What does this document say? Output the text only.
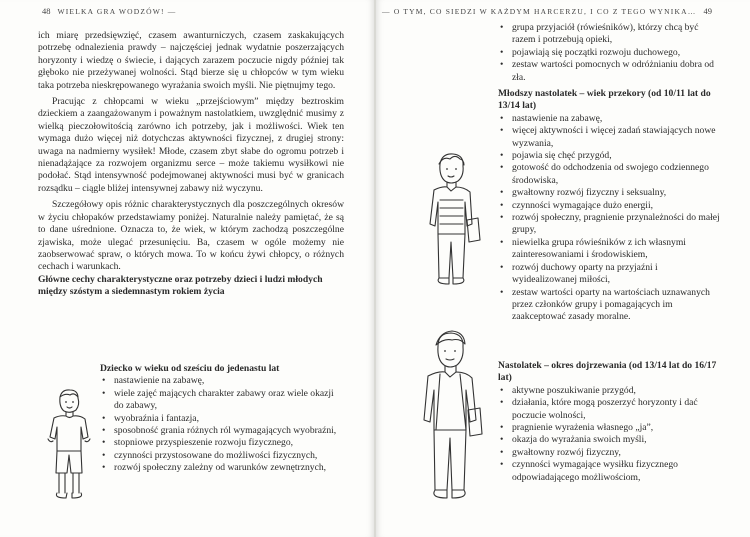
48 WIELKA GRA WODZÓW! —

ich miarę przedsięwzięć, czasem awanturniczych, czasem zaskakujących potrzebę odnalezienia prawdy – najczęściej jednak wydatnie poszerzających horyzonty i wiedzę o świecie, i dających zarazem poczucie nigdy później tak głęboko nie przeżywanej wolności. Stąd bierze się u chłopców w tym wieku taka potrzeba nieskrępowanego wyrażania swoich myśli. Nie piętnujmy tego.

Pracując z chłopcami w wieku „przejściowym” między beztroskim dzieckiem a zaangażowanym i poważnym nastolatkiem, uwzględnić musimy z wielką pieczołowitością zarówno ich potrzeby, jak i możliwości. Wiek ten wymaga dużo więcej niż dotychczas aktywności fizycznej, z drugiej strony: uwaga na nadmierny wysiłek! Młode, czasem zbyt słabe do ogromu potrzeb i nienadążające za rozwojem organizmu serce – może takiemu wysiłkowi nie podołać. Stąd intensywność podejmowanej aktywności musi być w granicach rozsądku – ciągle bliżej intensywnej zabawy niż wyczynu.

Szczegółowy opis różnic charakterystycznych dla poszczególnych okresów w życiu chłopaków przedstawiamy poniżej. Naturalnie należy pamiętać, że są to dane uśrednione. Oznacza to, że wiek, w którym zachodzą poszczególne zjawiska, może ulegać przesunięciu. Ba, czasem w ogóle możemy nie zaobserwować spraw, o których mowa. To w końcu żywi chłopcy, o różnych cechach i warunkach.

Główne cechy charakterystyczne oraz potrzeby dzieci i ludzi młodych między szóstym a siedemnastym rokiem życia

Dziecko w wieku od sześciu do jedenastu lat

• nastawienie na zabawę,
• wiele zajęć mających charakter zabawy oraz wiele okazji do zabawy,
• wyobraźnia i fantazja,
• sposobność grania różnych ról wymagających wyobraźni,
• stopniowe przyspieszenie rozwoju fizycznego,
• czynności przystosowane do możliwości fizycznych,
• rozwój społeczny zależny od warunków zewnętrznych,
— O TYM, CO SIEDZI W KAŻDYM HARCERZU, I CO Z TEGO WYNIKA… 49
• grupa przyjaciół (rówieśników), którzy chcą być razem i potrzebują opieki,
• pojawiają się początki rozwoju duchowego,
• zestaw wartości pomocnych w odróżnianiu dobra od zła.

Młodszy nastolatek – wiek przekory (od 10/11 lat do 13/14 lat)

• nastawienie na zabawę,
• więcej aktywności i więcej zadań stawiających nowe wyzwania,
• pojawia się chęć przygód,
• gotowość do odchodzenia od swojego codziennego środowiska,
• gwałtowny rozwój fizyczny i seksualny,
• czynności wymagające dużo energii,
• rozwój społeczny, pragnienie przynależności do małej grupy,
• niewielka grupa rówieśników z ich własnymi zainteresowaniami i środowiskiem,
• rozwój duchowy oparty na przyjaźni i wyidealizowanej miłości,
• zestaw wartości oparty na wartościach uznawanych przez członków grupy i pomagających im zaakceptować zasady moralne.

Nastolatek – okres dojrzewania (od 13/14 lat do 16/17 lat)

• aktywne poszukiwanie przygód,
• działania, które mogą poszerzyć horyzonty i dać poczucie wolności,
• pragnienie wyrażenia własnego „ja”,
• okazja do wyrażania swoich myśli,
• gwałtowny rozwój fizyczny,
• czynności wymagające wysiłku fizycznego odpowiadającego możliwościom,
